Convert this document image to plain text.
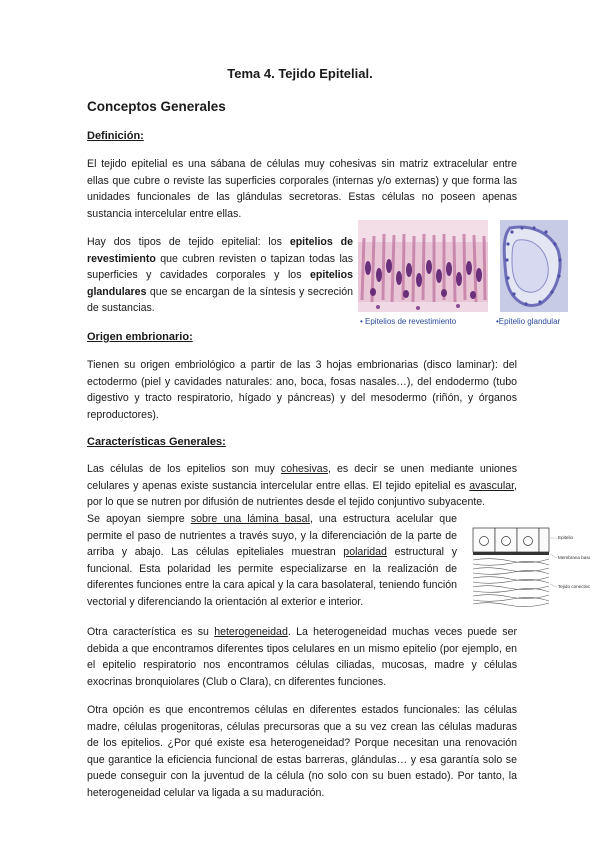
Tema 4. Tejido Epitelial.
Conceptos Generales
Definición:

El tejido epitelial es una sábana de células muy cohesivas sin matriz extracelular entre ellas que cubre o reviste las superficies corporales (internas y/o externas) y que forma las unidades funcionales de las glándulas secretoras. Estas células no poseen apenas sustancia intercelular entre ellas.

Hay dos tipos de tejido epitelial: los epitelios de revestimiento que cubren revisten o tapizan todas las superficies y cavidades corporales y los epitelios glandulares que se encargan de la síntesis y secreción de sustancias.

• Epitelios de revestimiento	•Epitelio glandular
Origen embrionario:

Tienen su origen embriológico a partir de las 3 hojas embrionarias (disco laminar): del ectodermo (piel y cavidades naturales: ano, boca, fosas nasales…), del endodermo (tubo digestivo y tracto respiratorio, hígado y páncreas) y del mesodermo (riñón, y órganos reproductores).

Características Generales:

Las células de los epitelios son muy cohesivas, es decir se unen mediante uniones celulares y apenas existe sustancia intercelular entre ellas. El tejido epitelial es avascular, por lo que se nutren por difusión de nutrientes desde el tejido conjuntivo subyacente.

Se apoyan siempre sobre una lámina basal, una estructura acelular que permite el paso de nutrientes a través suyo, y la diferenciación de la parte de arriba y abajo. Las células epiteliales muestran polaridad estructural y funcional. Esta polaridad les permite especializarse en la realización de diferentes funciones entre la cara apical y la cara basolateral, teniendo función vectorial y diferenciando la orientación al exterior e interior.

Epitelio
Membrana basal
Tejido conectivo

Otra característica es su heterogeneidad. La heterogeneidad muchas veces puede ser debida a que encontramos diferentes tipos celulares en un mismo epitelio (por ejemplo, en el epitelio respiratorio nos encontramos células ciliadas, mucosas, madre y células exocrinas bronquiolares (Club o Clara), cn diferentes funciones.

Otra opción es que encontremos células en diferentes estados funcionales: las células madre, células progenitoras, células precursoras que a su vez crean las células maduras de los epitelios. ¿Por qué existe esa heterogeneidad? Porque necesitan una renovación que garantice la eficiencia funcional de estas barreras, glándulas… y esa garantía solo se puede conseguir con la juventud de la célula (no solo con su buen estado). Por tanto, la heterogeneidad celular va ligada a su maduración.
